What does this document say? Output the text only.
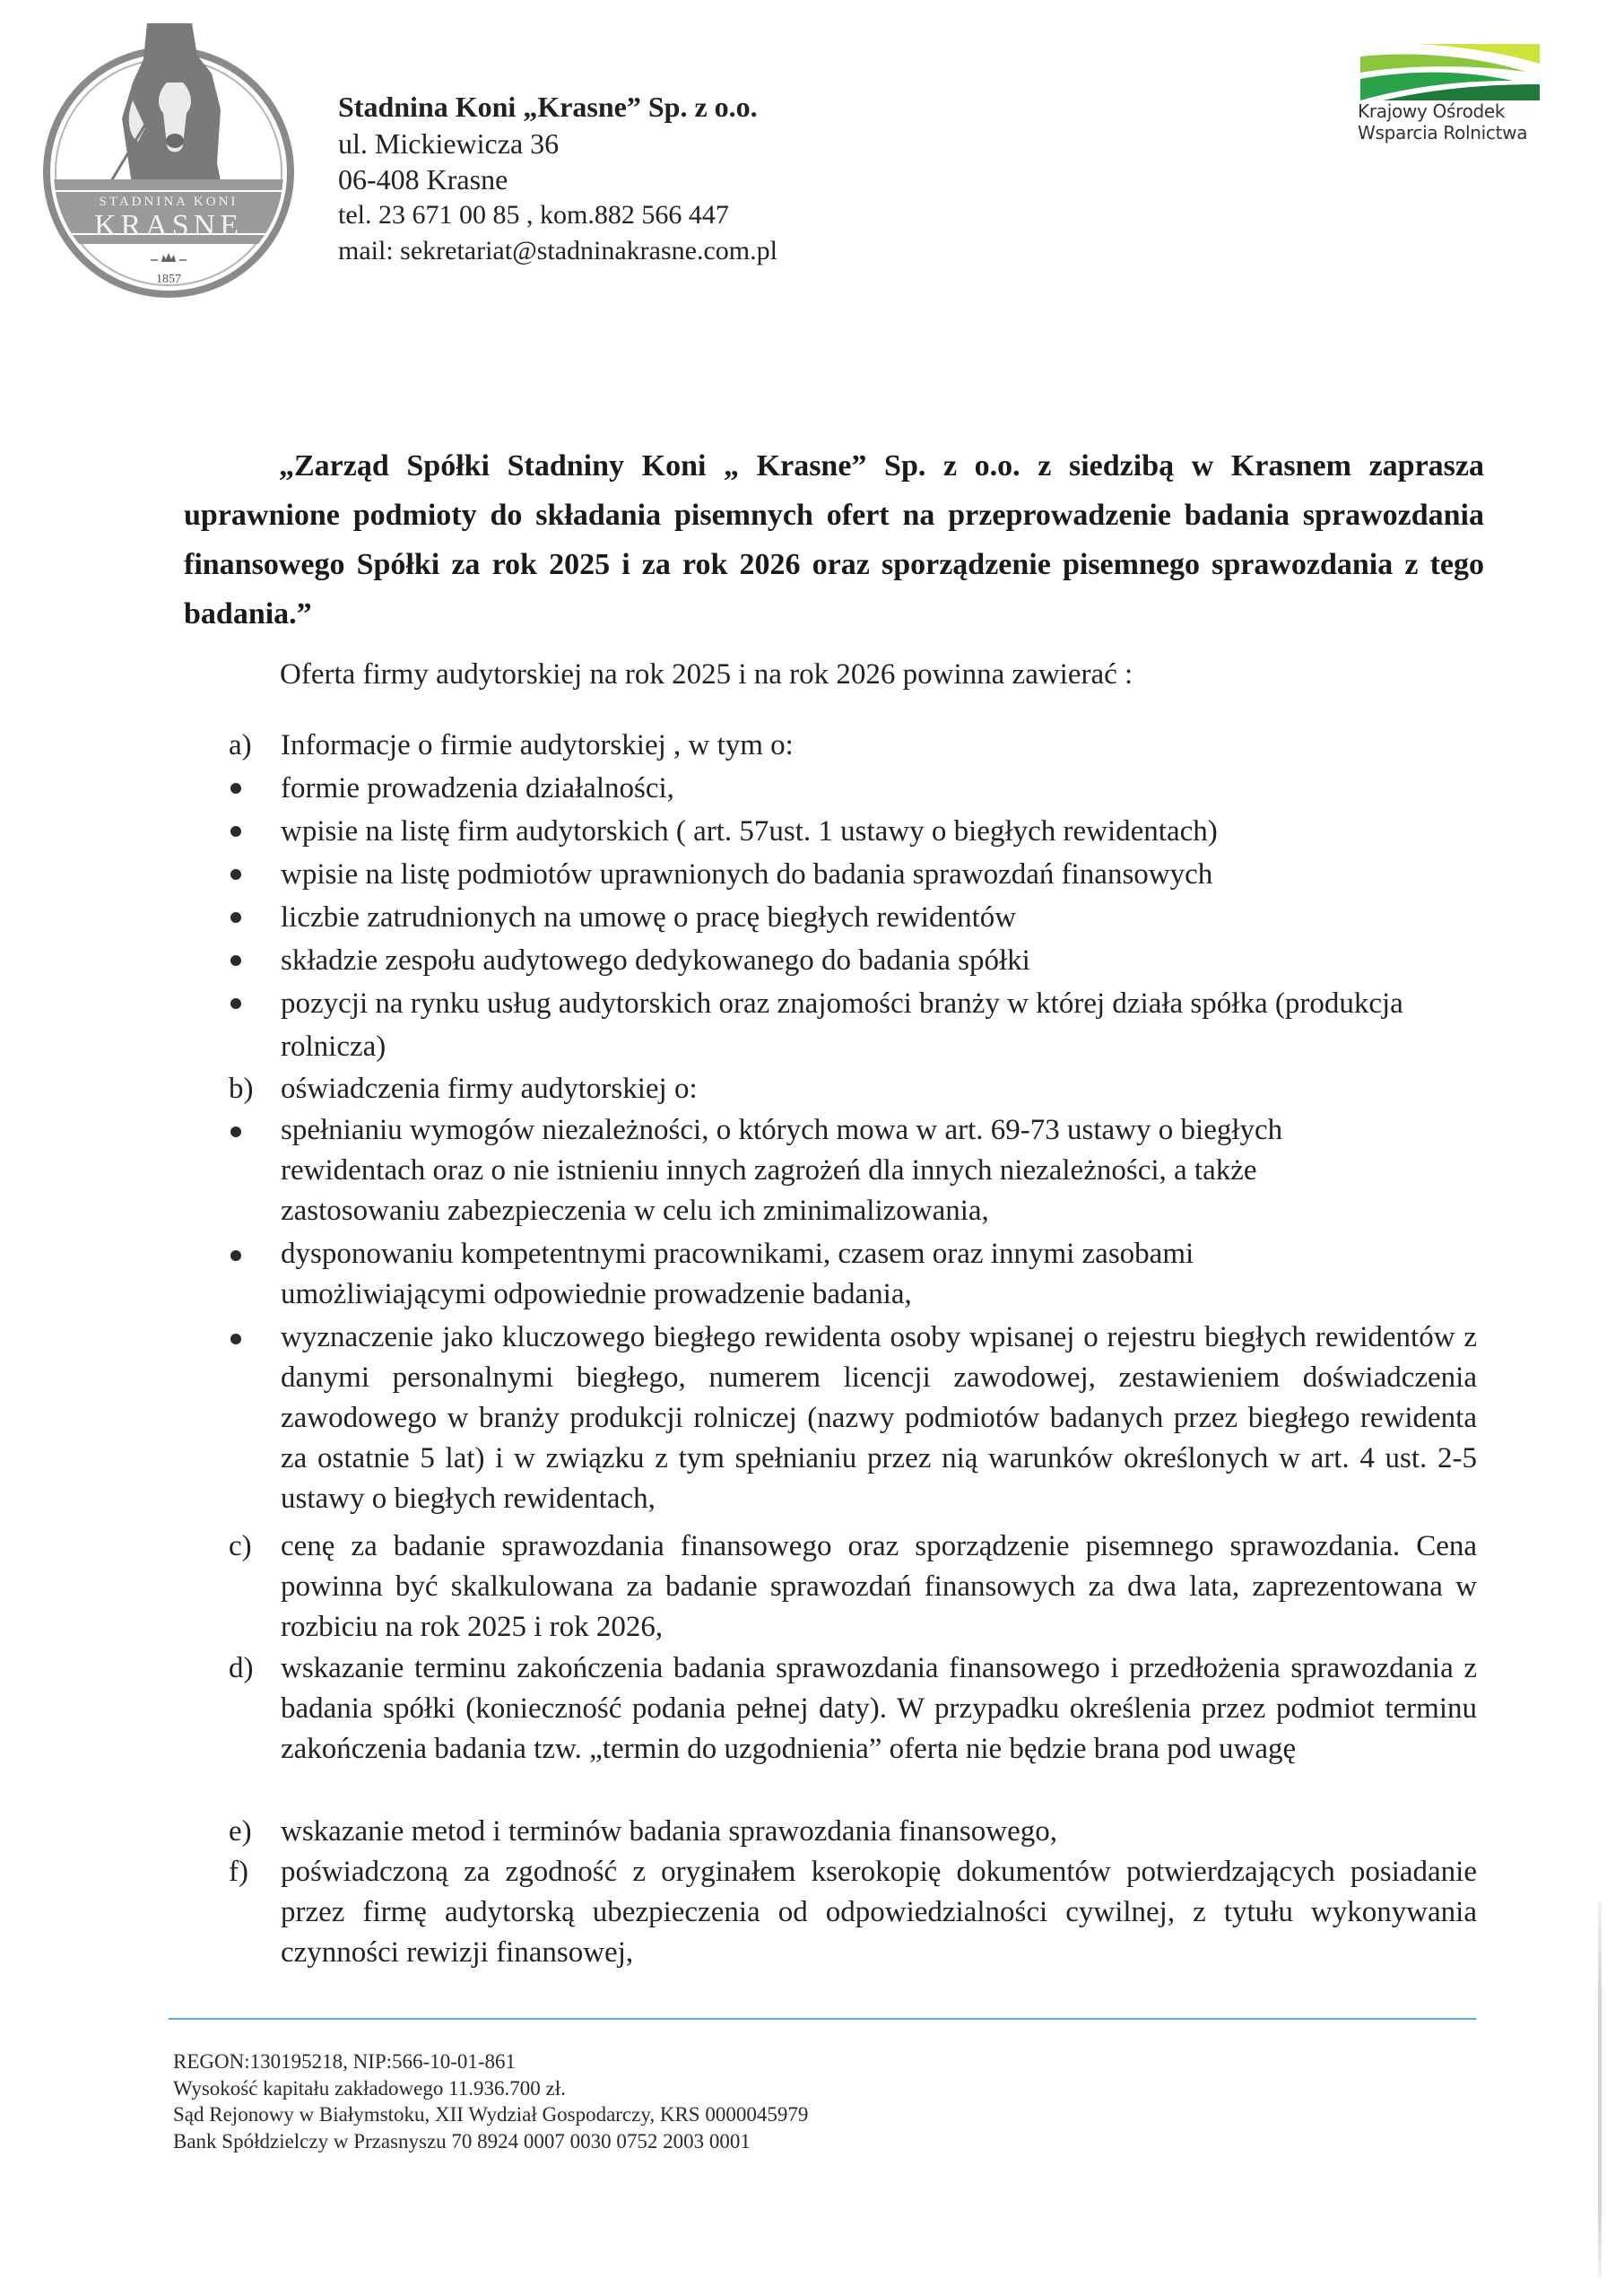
STADNINA KONI
KRASNE
1857
Stadnina Koni „Krasne” Sp. z o.o.
ul. Mickiewicza 36
06-408 Krasne
tel. 23 671 00 85 , kom.882 566 447
mail: sekretariat@stadninakrasne.com.pl
Krajowy Ośrodek
Wsparcia Rolnictwa
„Zarząd Spółki Stadniny Koni „ Krasne” Sp. z o.o. z siedzibą w Krasnem zaprasza uprawnione podmioty do składania pisemnych ofert na przeprowadzenie badania sprawozdania finansowego Spółki za rok 2025 i za rok 2026 oraz sporządzenie pisemnego sprawozdania z tego badania.”
Oferta firmy audytorskiej na rok 2025 i na rok 2026 powinna zawierać :
a) Informacje o firmie audytorskiej , w tym o:
formie prowadzenia działalności,
wpisie na listę firm audytorskich ( art. 57ust. 1 ustawy o biegłych rewidentach)
wpisie na listę podmiotów uprawnionych do badania sprawozdań finansowych
liczbie zatrudnionych na umowę o pracę biegłych rewidentów
składzie zespołu audytowego dedykowanego do badania spółki
pozycji na rynku usług audytorskich oraz znajomości branży w której działa spółka (produkcja rolnicza)
b) oświadczenia firmy audytorskiej o:
spełnianiu wymogów niezależności, o których mowa w art. 69-73 ustawy o biegłych rewidentach oraz o nie istnieniu innych zagrożeń dla innych niezależności, a także zastosowaniu zabezpieczenia w celu ich zminimalizowania,
dysponowaniu kompetentnymi pracownikami, czasem oraz innymi zasobami umożliwiającymi odpowiednie prowadzenie badania,
wyznaczenie jako kluczowego biegłego rewidenta osoby wpisanej o rejestru biegłych rewidentów z danymi personalnymi biegłego, numerem licencji zawodowej, zestawieniem doświadczenia zawodowego w branży produkcji rolniczej (nazwy podmiotów badanych przez biegłego rewidenta za ostatnie 5 lat) i w związku z tym spełnianiu przez nią warunków określonych w art. 4 ust. 2-5 ustawy o biegłych rewidentach,
c) cenę za badanie sprawozdania finansowego oraz sporządzenie pisemnego sprawozdania. Cena powinna być skalkulowana za badanie sprawozdań finansowych za dwa lata, zaprezentowana w rozbiciu na rok 2025 i rok 2026,
d) wskazanie terminu zakończenia badania sprawozdania finansowego i przedłożenia sprawozdania z badania spółki (konieczność podania pełnej daty). W przypadku określenia przez podmiot terminu zakończenia badania tzw. „termin do uzgodnienia” oferta nie będzie brana pod uwagę
e) wskazanie metod i terminów badania sprawozdania finansowego,
f) poświadczoną za zgodność z oryginałem kserokopię dokumentów potwierdzających posiadanie przez firmę audytorską ubezpieczenia od odpowiedzialności cywilnej, z tytułu wykonywania czynności rewizji finansowej,
REGON:130195218, NIP:566-10-01-861
Wysokość kapitału zakładowego 11.936.700 zł.
Sąd Rejonowy w Białymstoku, XII Wydział Gospodarczy, KRS 0000045979
Bank Spółdzielczy w Przasnyszu 70 8924 0007 0030 0752 2003 0001
